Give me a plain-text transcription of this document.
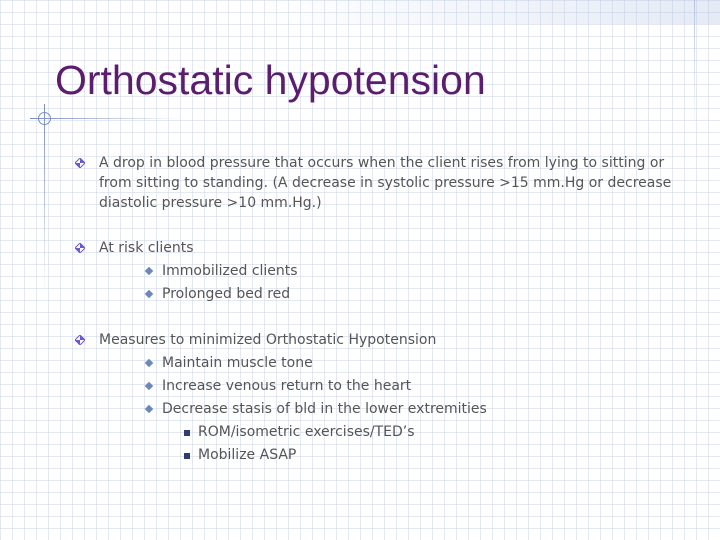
Orthostatic hypotension
A drop in blood pressure that occurs when the client rises from lying to sitting or from sitting to standing. (A decrease in systolic pressure >15 mm.Hg or decrease diastolic pressure >10 mm.Hg.)
At risk clients
Immobilized clients
Prolonged bed red
Measures to minimized Orthostatic Hypotension
Maintain muscle tone
Increase venous return to the heart
Decrease stasis of bld in the lower extremities
ROM/isometric exercises/TED’s
Mobilize ASAP
